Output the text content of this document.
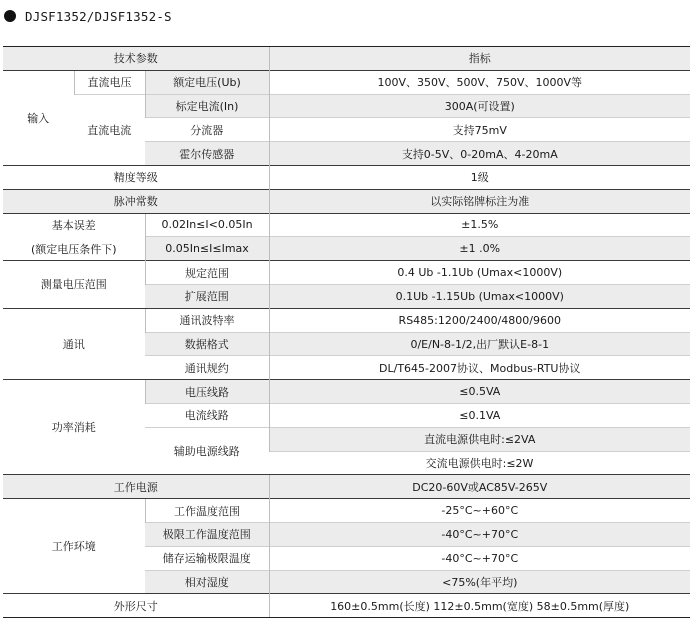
DJSF1352/DJSF1352-S
技术参数			指标
输入	直流电压	额定电压(Ub)	100V、350V、500V、750V、1000V等
	直流电流	标定电流(In)	300A(可设置)
		分流器	支持75mV
		霍尔传感器	支持0-5V、0-20mA、4-20mA
精度等级			1级
脉冲常数			以实际铭牌标注为准
基本误差		0.02In≤I<0.05In	±1.5%
(额定电压条件下)		0.05In≤I≤Imax	±1 .0%
测量电压范围		规定范围	0.4 Ub -1.1Ub (Umax<1000V)
		扩展范围	0.1Ub -1.15Ub (Umax<1000V)
通讯		通讯波特率	RS485:1200/2400/4800/9600
		数据格式	0/E/N-8-1/2,出厂默认E-8-1
		通讯规约	DL/T645-2007协议、Modbus-RTU协议
功率消耗		电压线路	≤0.5VA
		电流线路	≤0.1VA
		辅助电源线路	直流电源供电时:≤2VA
			交流电源供电时:≤2W
工作电源			DC20-60V或AC85V-265V
工作环境		工作温度范围	-25°C~+60°C
		极限工作温度范围	-40°C~+70°C
		储存运输极限温度	-40°C~+70°C
		相对湿度	<75%(年平均)
外形尺寸			160±0.5mm(长度) 112±0.5mm(宽度) 58±0.5mm(厚度)
